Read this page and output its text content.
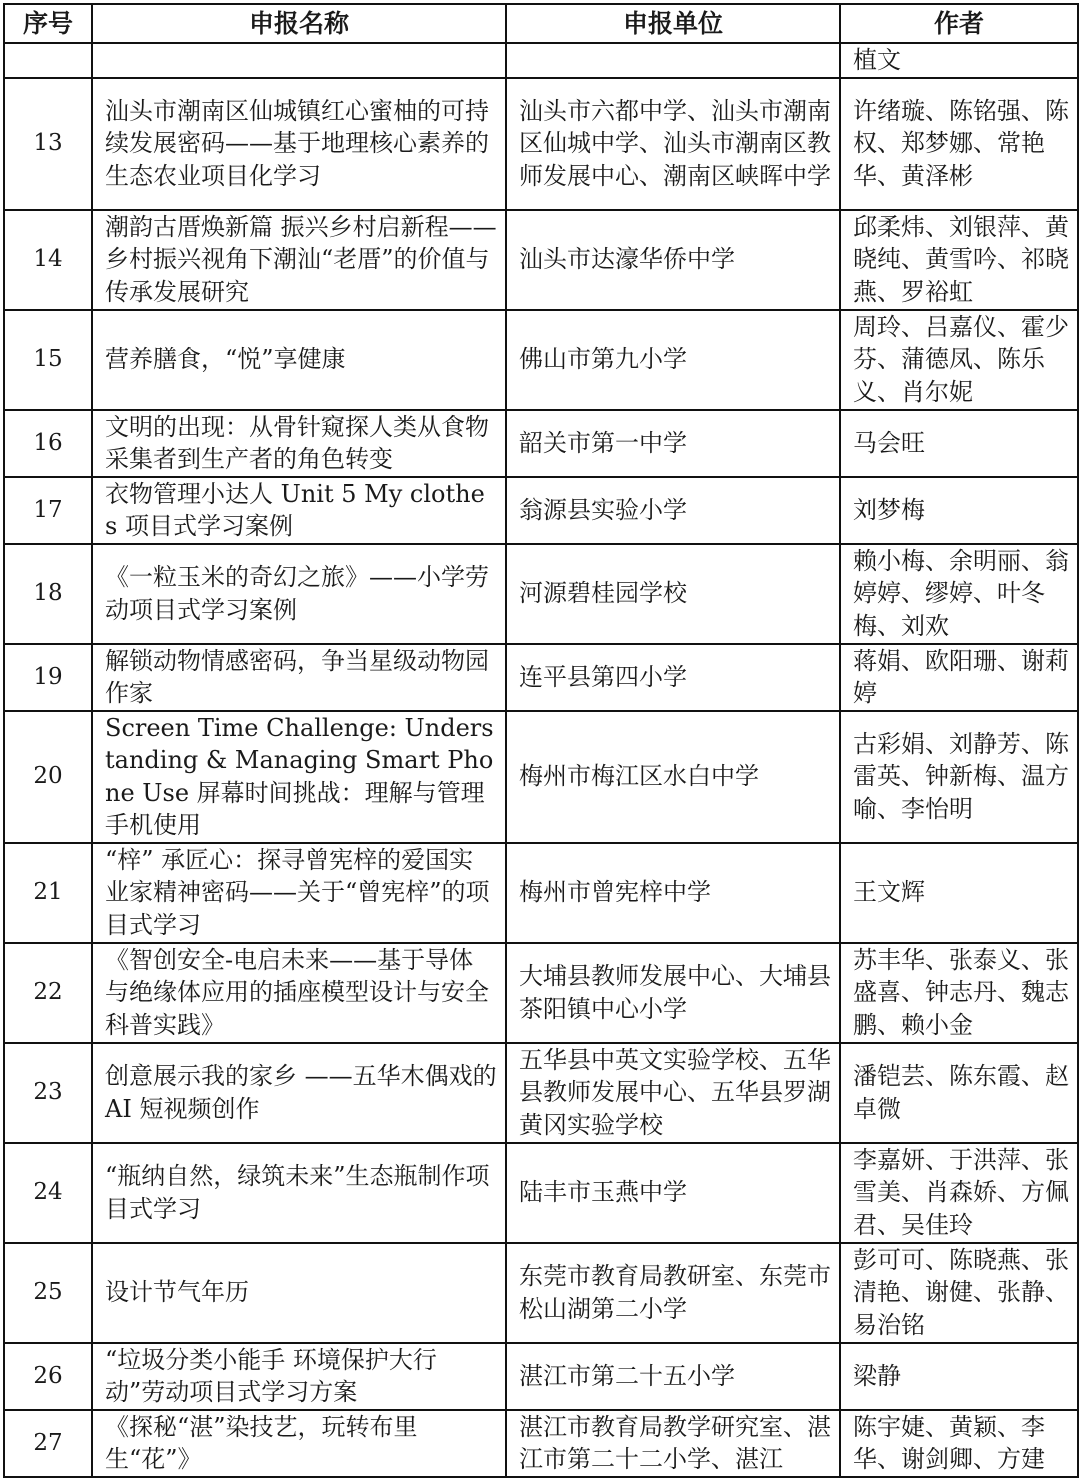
序号	申报名称	申报单位	作者
			植文
13	汕头市潮南区仙城镇红心蜜柚的可持续发展密码——基于地理核心素养的生态农业项目化学习	汕头市六都中学、汕头市潮南区仙城中学、汕头市潮南区教师发展中心、潮南区峡晖中学	许绪璇、陈铭强、陈权、郑梦娜、常艳华、黄泽彬
14	潮韵古厝焕新篇 振兴乡村启新程——乡村振兴视角下潮汕“老厝”的价值与传承发展研究	汕头市达濠华侨中学	邱柔炜、刘银萍、黄晓纯、黄雪吟、祁晓燕、罗裕虹
15	营养膳食，“悦”享健康	佛山市第九小学	周玲、吕嘉仪、霍少芬、蒲德凤、陈乐义、肖尔妮
16	文明的出现：从骨针窥探人类从食物采集者到生产者的角色转变	韶关市第一中学	马会旺
17	衣物管理小达人 Unit 5 My clothes 项目式学习案例	翁源县实验小学	刘梦梅
18	《一粒玉米的奇幻之旅》——小学劳动项目式学习案例	河源碧桂园学校	赖小梅、余明丽、翁婷婷、缪婷、叶冬梅、刘欢
19	解锁动物情感密码，争当星级动物园作家	连平县第四小学	蒋娟、欧阳珊、谢莉婷
20	Screen Time Challenge: Understanding & Managing Smart Phone Use 屏幕时间挑战：理解与管理手机使用	梅州市梅江区水白中学	古彩娟、刘静芳、陈雷英、钟新梅、温方喻、李怡明
21	“梓” 承匠心：探寻曾宪梓的爱国实业家精神密码——关于“曾宪梓”的项目式学习	梅州市曾宪梓中学	王文辉
22	《智创安全-电启未来——基于导体与绝缘体应用的插座模型设计与安全科普实践》	大埔县教师发展中心、大埔县茶阳镇中心小学	苏丰华、张泰义、张盛喜、钟志丹、魏志鹏、赖小金
23	创意展示我的家乡 ——五华木偶戏的 AI 短视频创作	五华县中英文实验学校、五华县教师发展中心、五华县罗湖黄冈实验学校	潘铠芸、陈东霞、赵卓微
24	“瓶纳自然，绿筑未来”生态瓶制作项目式学习	陆丰市玉燕中学	李嘉妍、于洪萍、张雪美、肖森娇、方佩君、吴佳玲
25	设计节气年历	东莞市教育局教研室、东莞市松山湖第二小学	彭可可、陈晓燕、张清艳、谢健、张静、易治铭
26	“垃圾分类小能手 环境保护大行动”劳动项目式学习方案	湛江市第二十五小学	梁静
27	《探秘“湛”染技艺，玩转布里生“花”》	湛江市教育局教学研究室、湛江市第二十二小学、湛江	陈宇婕、黄颖、李华、谢剑卿、方建
